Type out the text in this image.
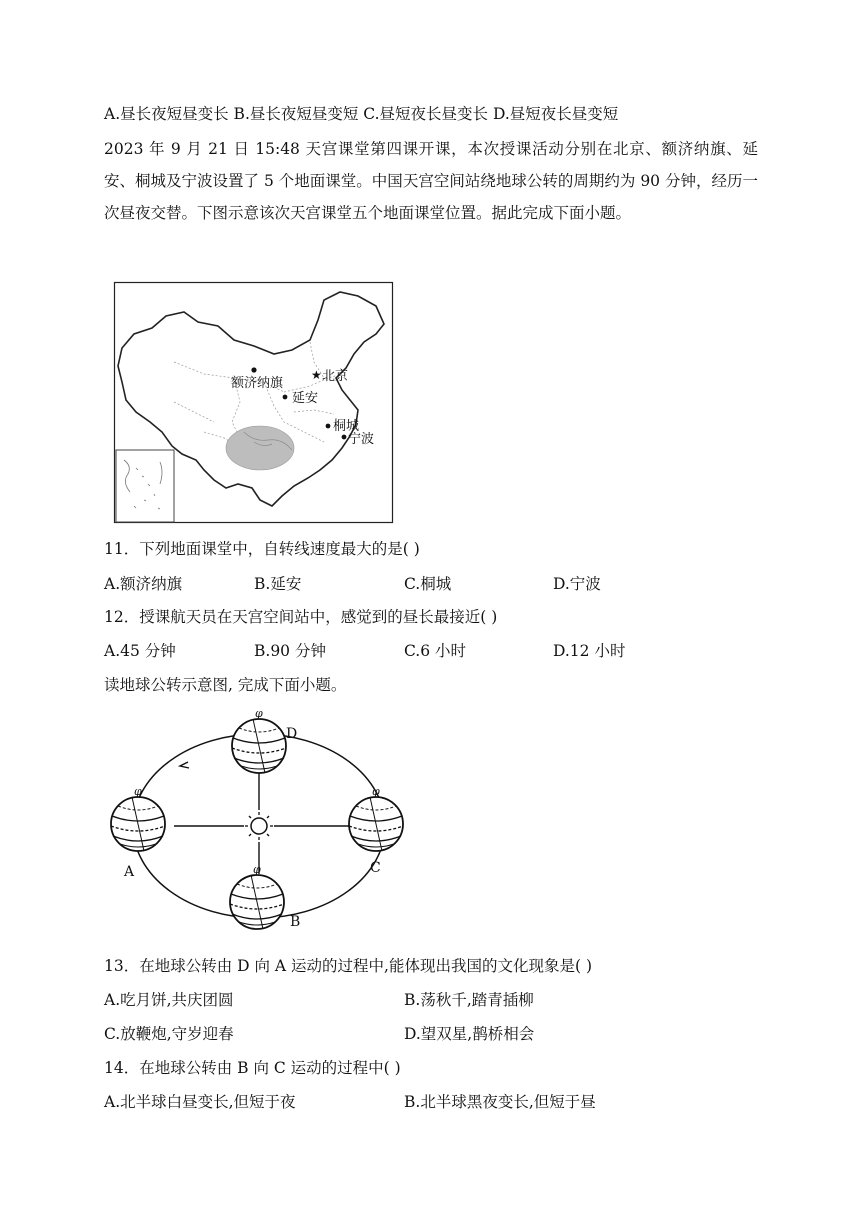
A.昼长夜短昼变长 B.昼长夜短昼变短 C.昼短夜长昼变长 D.昼短夜长昼变短
2023 年 9 月 21 日 15:48 天宫课堂第四课开课，本次授课活动分别在北京、额济纳旗、延安、桐城及宁波设置了 5 个地面课堂。中国天宫空间站绕地球公转的周期约为 90 分钟，经历一次昼夜交替。下图示意该次天宫课堂五个地面课堂位置。据此完成下面小题。
额济纳旗
★ 北京
延安
桐城
宁波
11．下列地面课堂中，自转线速度最大的是( )
A.额济纳旗	B.延安	C.桐城	D.宁波
12．授课航天员在天宫空间站中，感觉到的昼长最接近( )
A.45 分钟	B.90 分钟	C.6 小时	D.12 小时
读地球公转示意图, 完成下面小题。
φ
D
A	C
B
13．在地球公转由 D 向 A 运动的过程中,能体现出我国的文化现象是( )
A.吃月饼,共庆团圆	B.荡秋千,踏青插柳
C.放鞭炮,守岁迎春	D.望双星,鹊桥相会
14．在地球公转由 B 向 C 运动的过程中( )
A.北半球白昼变长,但短于夜	B.北半球黑夜变长,但短于昼
